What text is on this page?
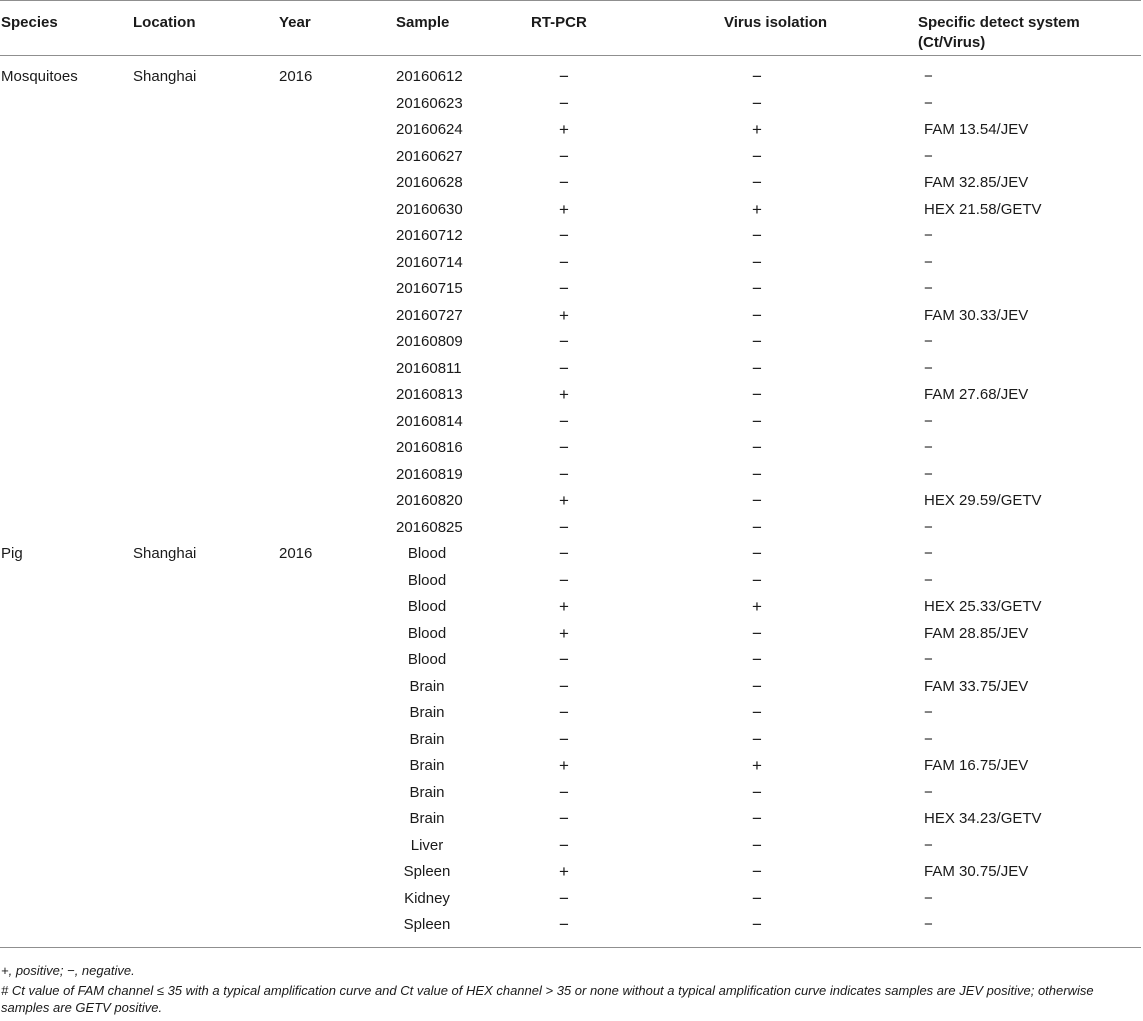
Species	Location	Year	Sample	RT-PCR	Virus isolation	Specific detect system
(Ct/Virus)

Mosquitoes	Shanghai	2016	20160612	−	−	−
			20160623	−	−	−
			20160624	+	+	FAM 13.54/JEV
			20160627	−	−	−
			20160628	−	−	FAM 32.85/JEV
			20160630	+	+	HEX 21.58/GETV
			20160712	−	−	−
			20160714	−	−	−
			20160715	−	−	−
			20160727	+	−	FAM 30.33/JEV
			20160809	−	−	−
			20160811	−	−	−
			20160813	+	−	FAM 27.68/JEV
			20160814	−	−	−
			20160816	−	−	−
			20160819	−	−	−
			20160820	+	−	HEX 29.59/GETV
			20160825	−	−	−
Pig	Shanghai	2016	Blood	−	−	−
			Blood	−	−	−
			Blood	+	+	HEX 25.33/GETV
			Blood	+	−	FAM 28.85/JEV
			Blood	−	−	−
			Brain	−	−	FAM 33.75/JEV
			Brain	−	−	−
			Brain	−	−	−
			Brain	+	+	FAM 16.75/JEV
			Brain	−	−	−
			Brain	−	−	HEX 34.23/GETV
			Liver	−	−	−
			Spleen	+	−	FAM 30.75/JEV
			Kidney	−	−	−
			Spleen	−	−	−

+, positive; −, negative.

# Ct value of FAM channel ≤ 35 with a typical amplification curve and Ct value of HEX channel > 35 or none without a typical amplification curve indicates samples are JEV positive; otherwise samples are GETV positive.
